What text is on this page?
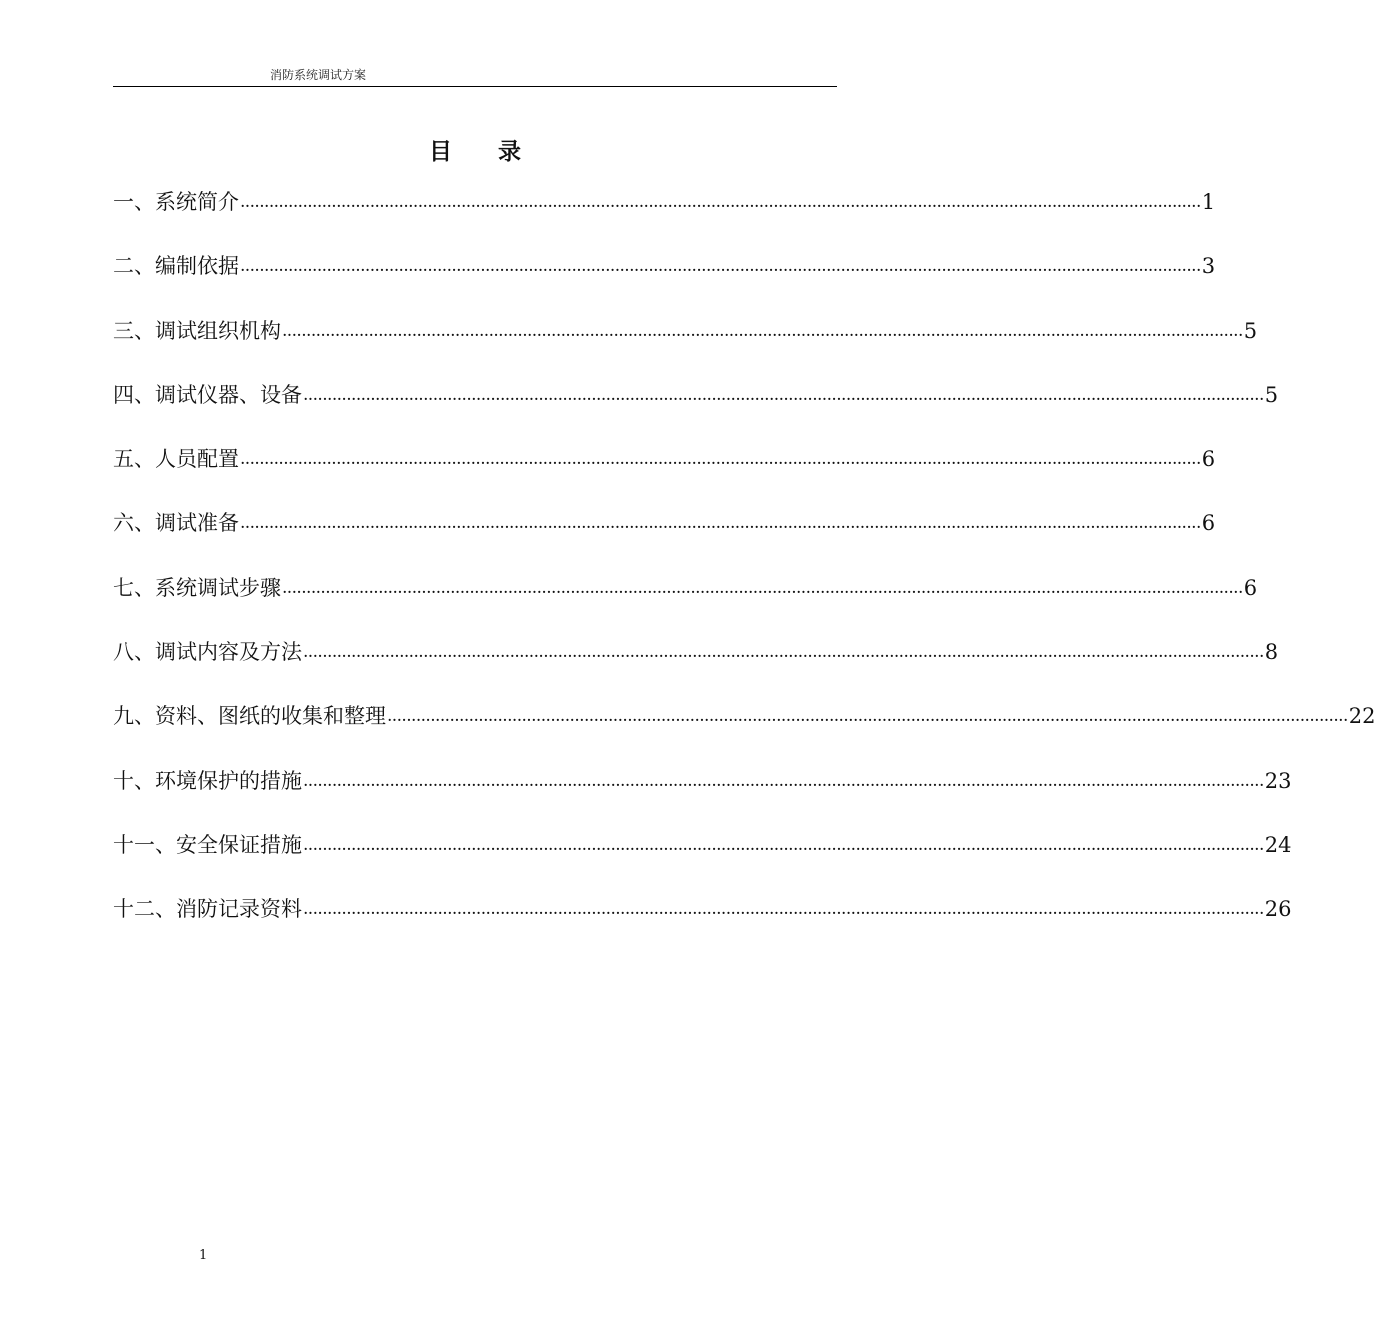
消防系统调试方案
目　　录
一、系统简介 ........................................................................................................................................................................................................ 1
二、编制依据 ........................................................................................................................................................................................................ 3
三、调试组织机构 ........................................................................................................................................................................................................ 5
四、调试仪器、设备 ........................................................................................................................................................................................................ 5
五、人员配置 ........................................................................................................................................................................................................ 6
六、调试准备 ........................................................................................................................................................................................................ 6
七、系统调试步骤 ........................................................................................................................................................................................................ 6
八、调试内容及方法 ........................................................................................................................................................................................................ 8
九、资料、图纸的收集和整理 ........................................................................................................................................................................................................ 22
十、环境保护的措施 ........................................................................................................................................................................................................ 23
十一、安全保证措施 ........................................................................................................................................................................................................ 24
十二、消防记录资料 ........................................................................................................................................................................................................ 26
1
